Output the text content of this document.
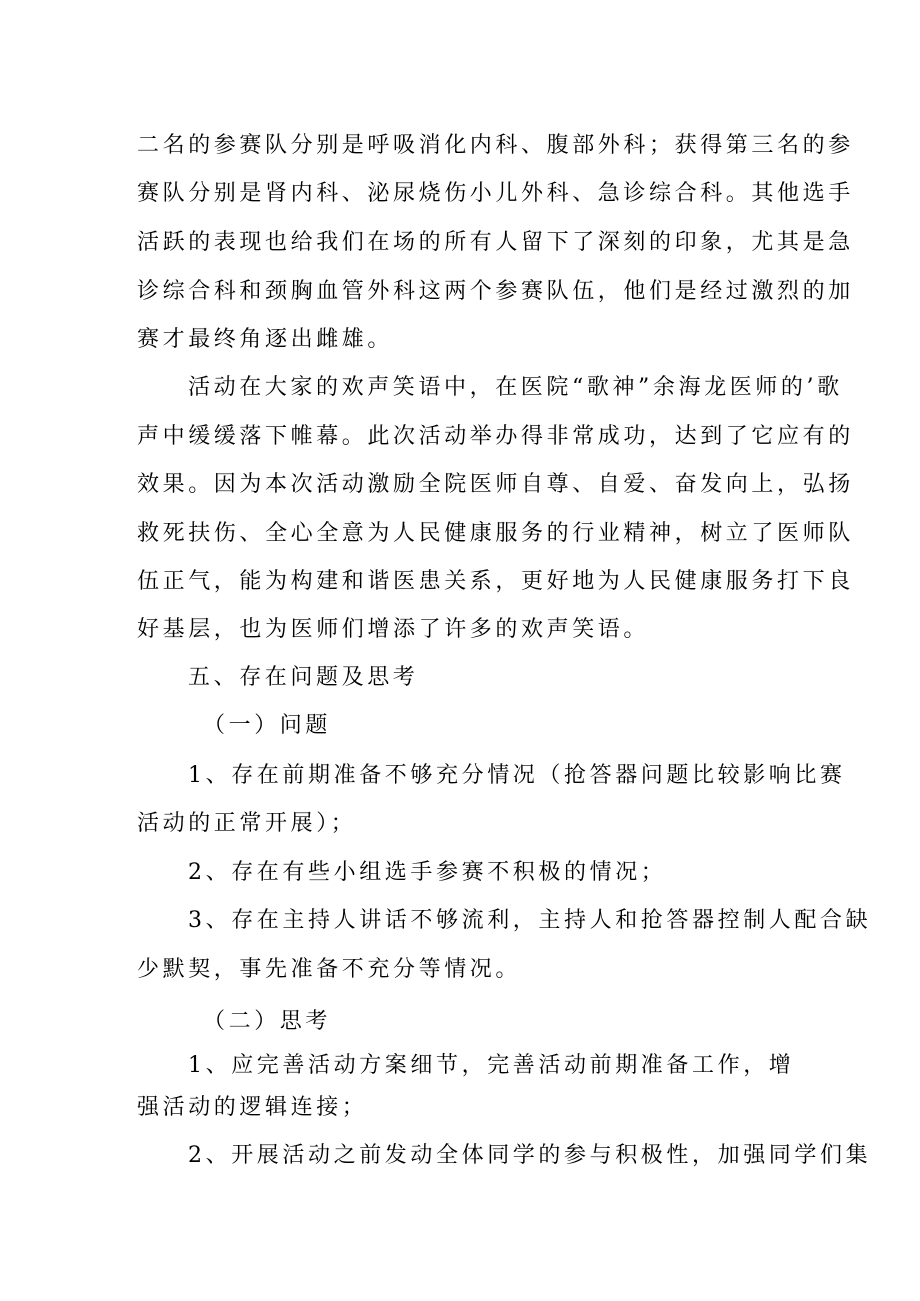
二名的参赛队分别是呼吸消化内科、腹部外科；获得第三名的参

赛队分别是肾内科、泌尿烧伤小儿外科、急诊综合科。其他选手

活跃的表现也给我们在场的所有人留下了深刻的印象，尤其是急

诊综合科和颈胸血管外科这两个参赛队伍，他们是经过激烈的加

赛才最终角逐出雌雄。

活动在大家的欢声笑语中，在医院“歌神”余海龙医师的’歌

声中缓缓落下帷幕。此次活动举办得非常成功，达到了它应有的

效果。因为本次活动激励全院医师自尊、自爱、奋发向上，弘扬

救死扶伤、全心全意为人民健康服务的行业精神，树立了医师队

伍正气，能为构建和谐医患关系，更好地为人民健康服务打下良

好基层，也为医师们增添了许多的欢声笑语。

五、存在问题及思考
（一）问题

1、存在前期准备不够充分情况（抢答器问题比较影响比赛

活动的正常开展）；

2、存在有些小组选手参赛不积极的情况；

3、存在主持人讲话不够流利，主持人和抢答器控制人配合缺

少默契，事先准备不充分等情况。

（二）思考

1、应完善活动方案细节，完善活动前期准备工作，增

强活动的逻辑连接；

2、开展活动之前发动全体同学的参与积极性，加强同学们集
